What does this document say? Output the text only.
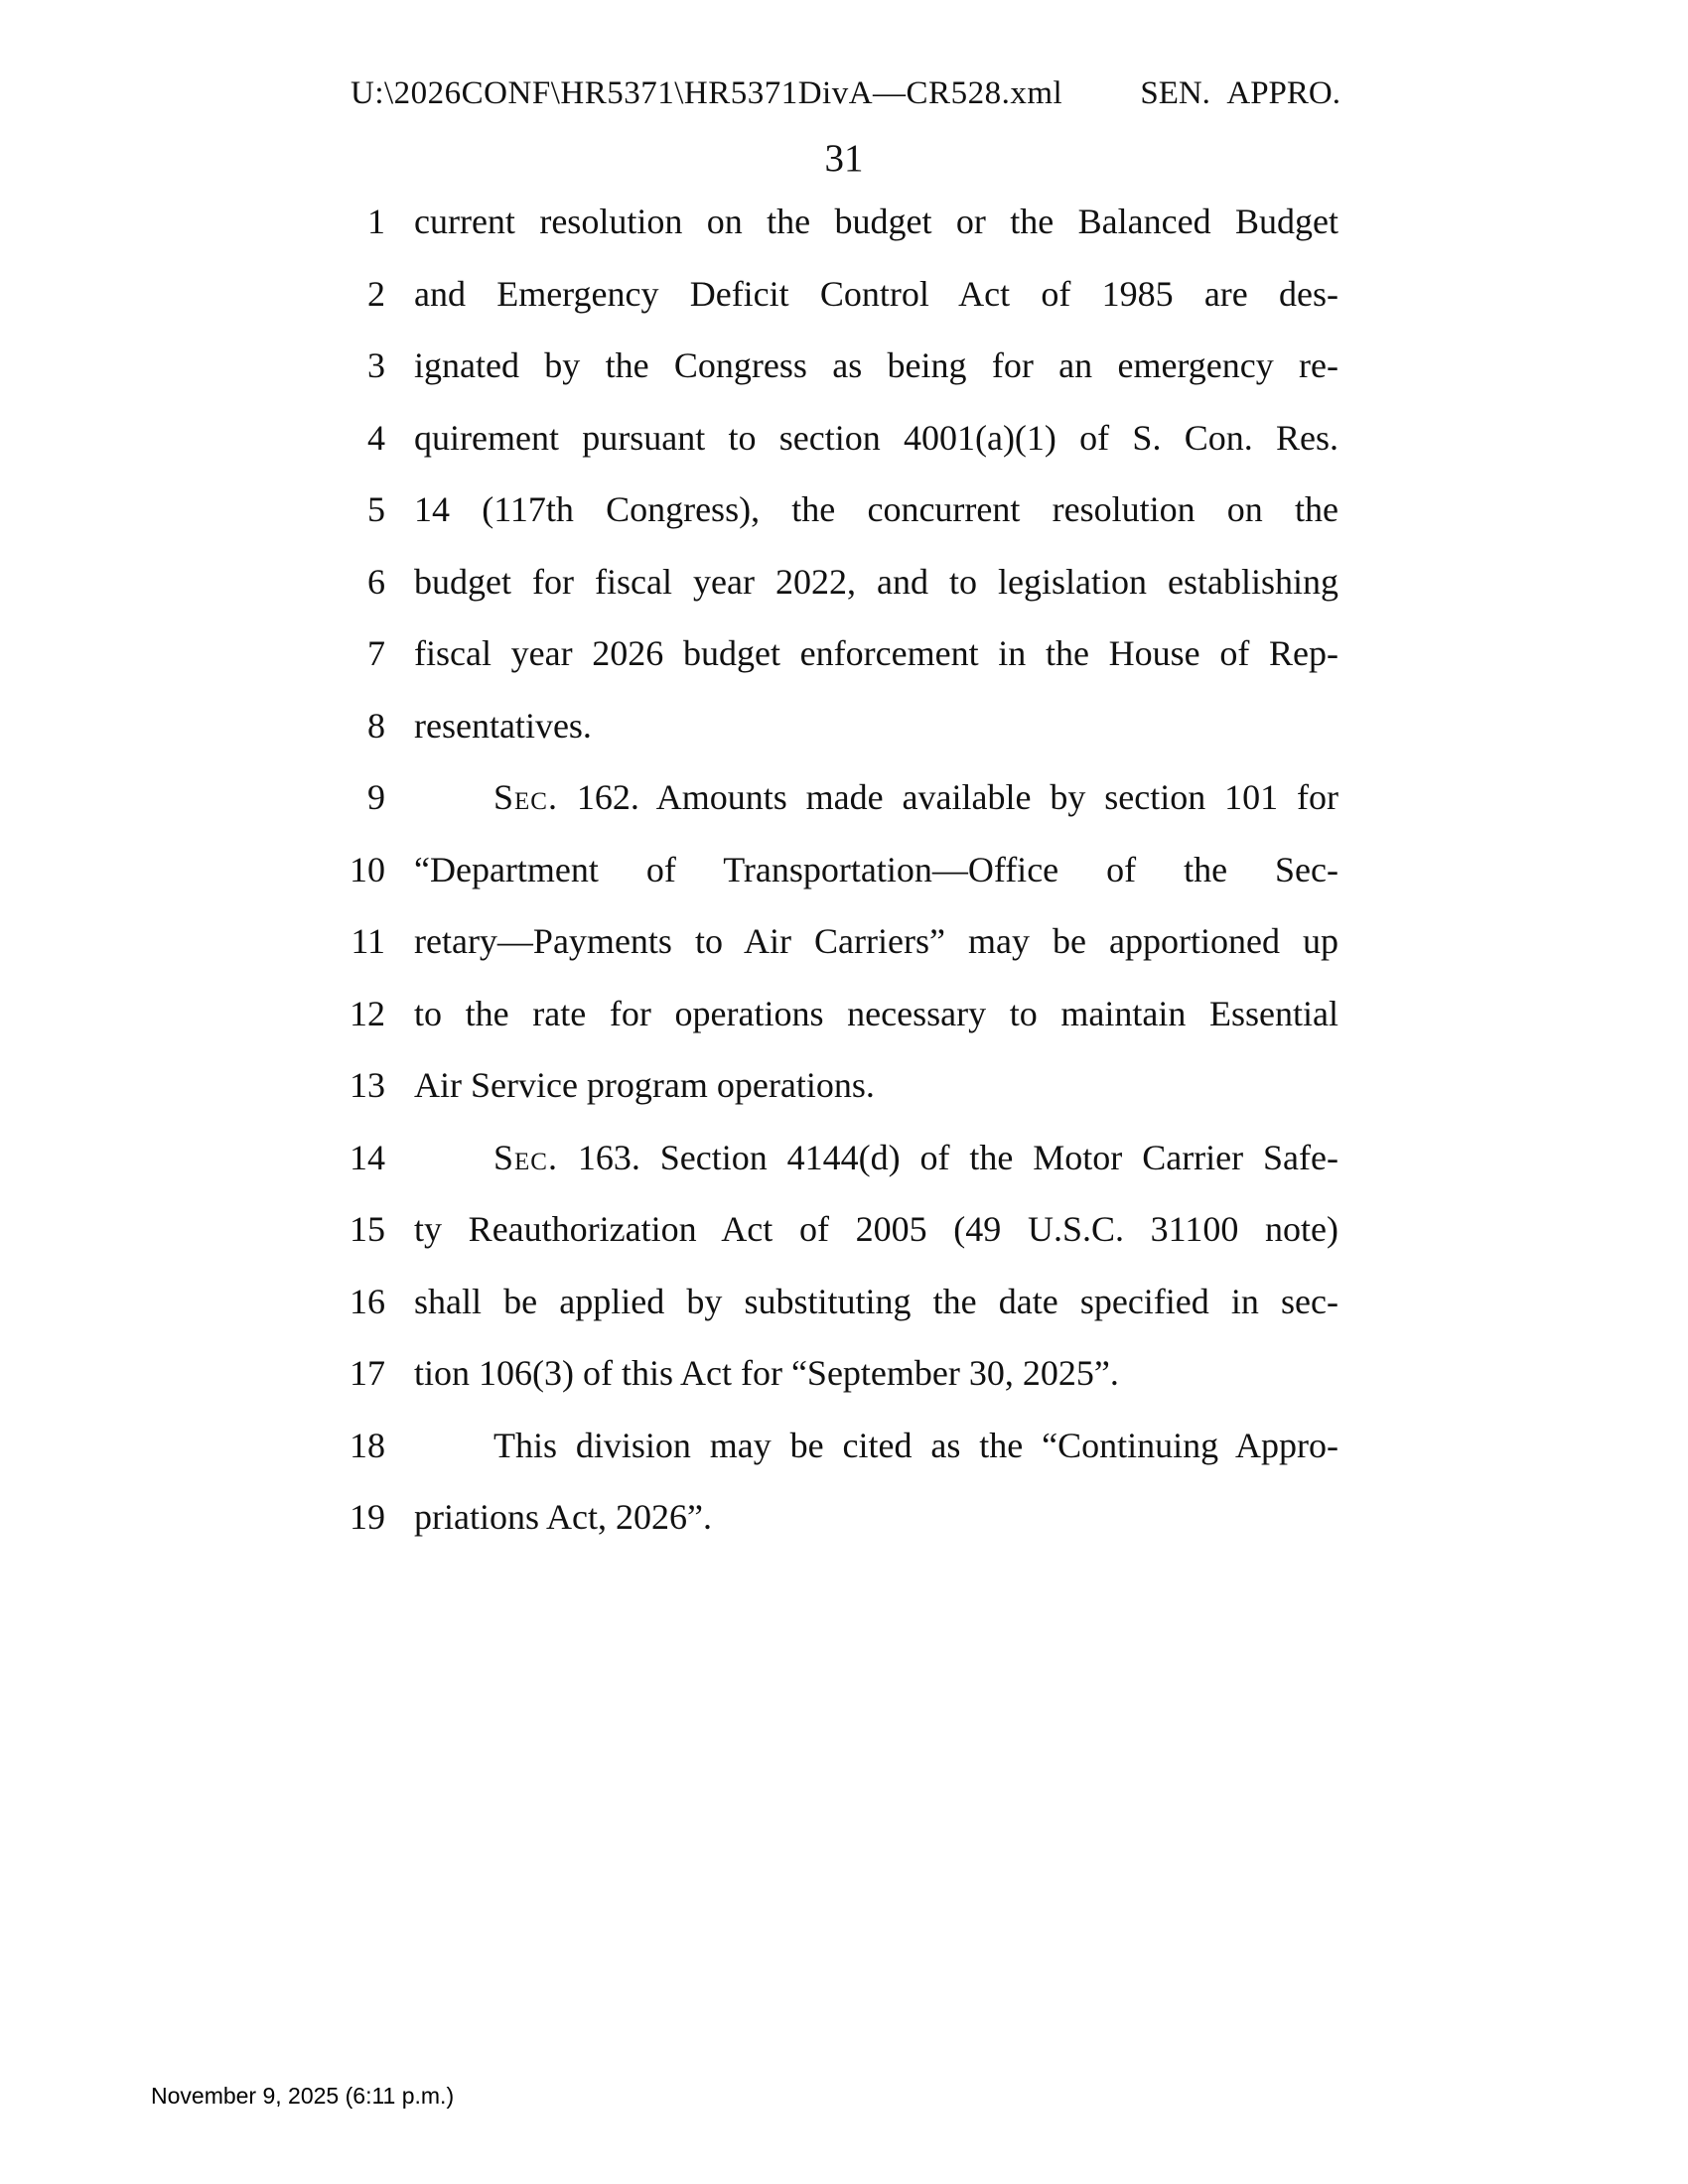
U:\2026CONF\HR5371\HR5371DivA—CR528.xml SEN. APPRO.
31
1 current resolution on the budget or the Balanced Budget
2 and Emergency Deficit Control Act of 1985 are des-
3 ignated by the Congress as being for an emergency re-
4 quirement pursuant to section 4001(a)(1) of S. Con. Res.
5 14 (117th Congress), the concurrent resolution on the
6 budget for fiscal year 2022, and to legislation establishing
7 fiscal year 2026 budget enforcement in the House of Rep-
8 resentatives.
9	Sec. 162. Amounts made available by section 101 for
10 “Department of Transportation—Office of the Sec-
11 retary—Payments to Air Carriers” may be apportioned up
12 to the rate for operations necessary to maintain Essential
13 Air Service program operations.
14	Sec. 163. Section 4144(d) of the Motor Carrier Safe-
15 ty Reauthorization Act of 2005 (49 U.S.C. 31100 note)
16 shall be applied by substituting the date specified in sec-
17 tion 106(3) of this Act for “September 30, 2025”.
18	This division may be cited as the “Continuing Appro-
19 priations Act, 2026”.
November 9, 2025 (6:11 p.m.)
